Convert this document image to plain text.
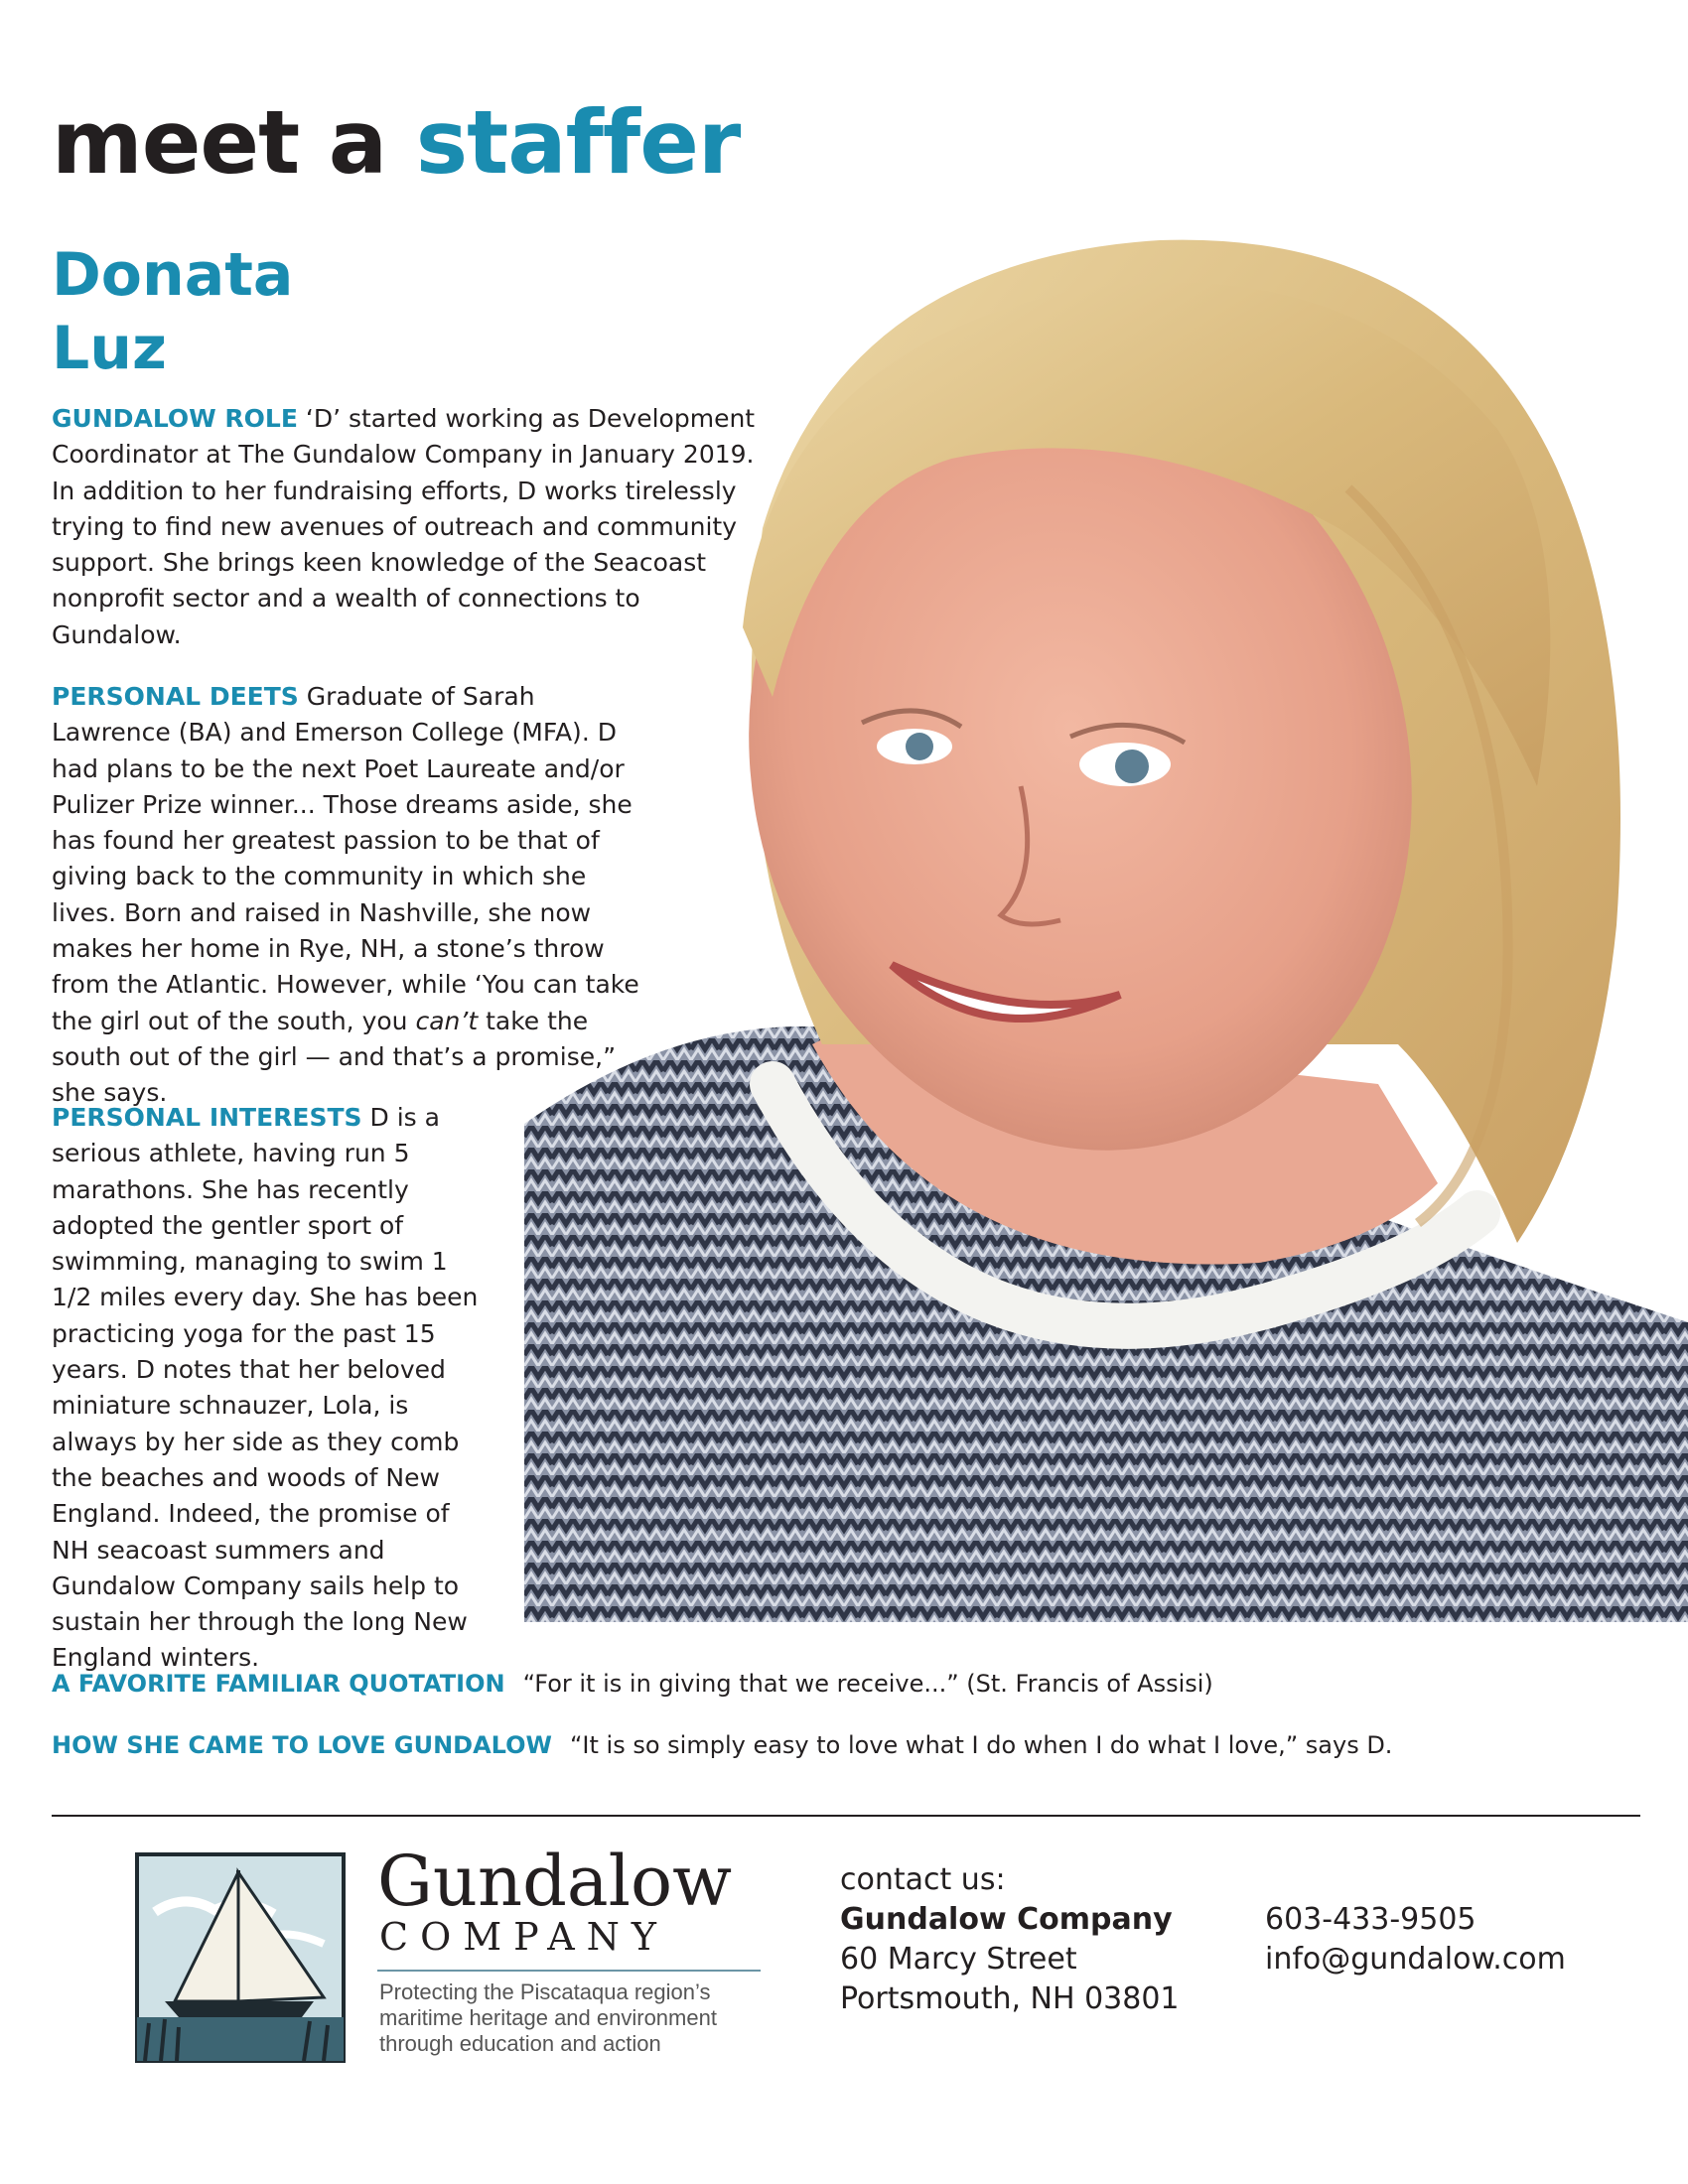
meet a staffer
Donata
Luz

GUNDALOW ROLE ‘D’ started working as Development Coordinator at The Gundalow Company in January 2019. In addition to her fundraising efforts, D works tirelessly trying to find new avenues of outreach and community support. She brings keen knowledge of the Seacoast nonprofit sector and a wealth of connections to Gundalow.

PERSONAL DEETS Graduate of Sarah Lawrence (BA) and Emerson College (MFA). D had plans to be the next Poet Laureate and/or Pulizer Prize winner... Those dreams aside, she has found her greatest passion to be that of giving back to the community in which she lives. Born and raised in Nashville, she now makes her home in Rye, NH, a stone’s throw from the Atlantic. However, while ‘You can take the girl out of the south, you can’t take the south out of the girl — and that’s a promise,” she says.

PERSONAL INTERESTS D is a serious athlete, having run 5 marathons. She has recently adopted the gentler sport of swimming, managing to swim 1 1/2 miles every day. She has been practicing yoga for the past 15 years. D notes that her beloved miniature schnauzer, Lola, is always by her side as they comb the beaches and woods of New England. Indeed, the promise of NH seacoast summers and Gundalow Company sails help to sustain her through the long New England winters.

A FAVORITE FAMILIAR QUOTATION “For it is in giving that we receive...” (St. Francis of Assisi)

HOW SHE CAME TO LOVE GUNDALOW “It is so simply easy to love what I do when I do what I love,” says D.

Gundalow

COMPANY

Protecting the Piscataqua region’s
maritime heritage and environment
through education and action

contact us:
Gundalow Company
60 Marcy Street
Portsmouth, NH 03801

603-433-9505
info@gundalow.com
